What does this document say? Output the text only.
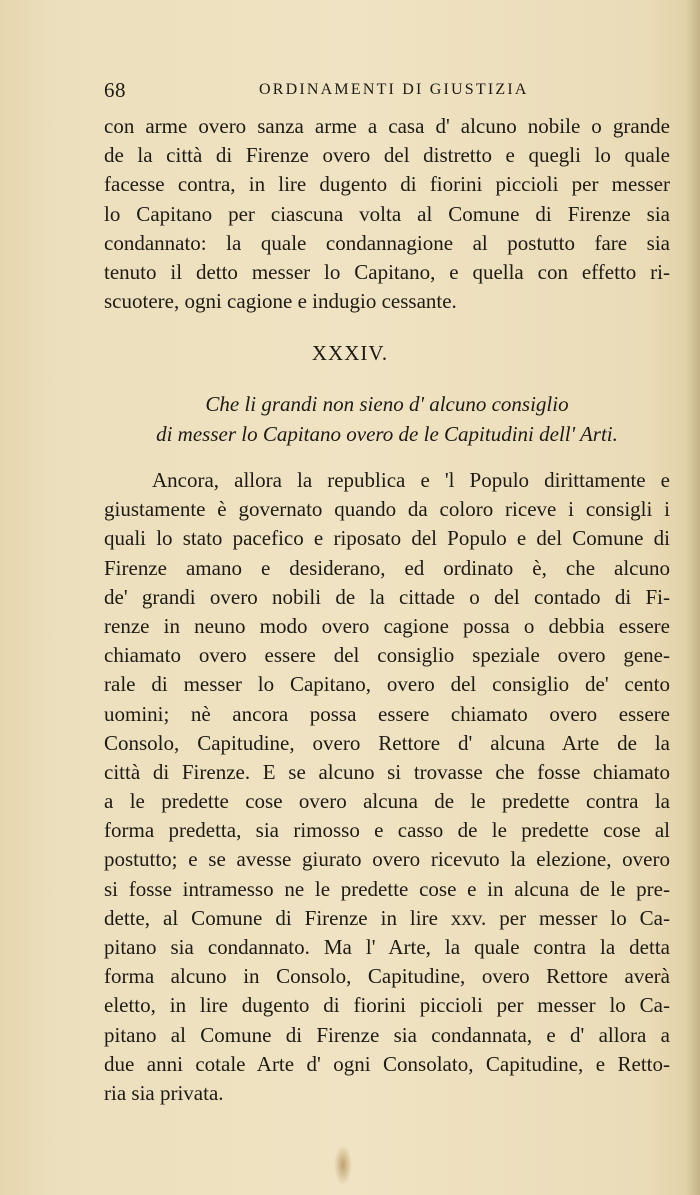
68	ORDINAMENTI DI GIUSTIZIA
con arme overo sanza arme a casa d' alcuno nobile o grande
de la città di Firenze overo del distretto e quegli lo quale
facesse contra, in lire dugento di fiorini piccioli per messer
lo Capitano per ciascuna volta al Comune di Firenze sia
condannato: la quale condannagione al postutto fare sia
tenuto il detto messer lo Capitano, e quella con effetto ri-
scuotere, ogni cagione e indugio cessante.
XXXIV.
Che li grandi non sieno d' alcuno consiglio
di messer lo Capitano overo de le Capitudini dell' Arti.
Ancora, allora la republica e 'l Populo dirittamente e
giustamente è governato quando da coloro riceve i consigli i
quali lo stato pacefico e riposato del Populo e del Comune di
Firenze amano e desiderano, ed ordinato è, che alcuno
de' grandi overo nobili de la cittade o del contado di Fi-
renze in neuno modo overo cagione possa o debbia essere
chiamato overo essere del consiglio speziale overo gene-
rale di messer lo Capitano, overo del consiglio de' cento
uomini; nè ancora possa essere chiamato overo essere
Consolo, Capitudine, overo Rettore d' alcuna Arte de la
città di Firenze. E se alcuno si trovasse che fosse chiamato
a le predette cose overo alcuna de le predette contra la
forma predetta, sia rimosso e casso de le predette cose al
postutto; e se avesse giurato overo ricevuto la elezione, overo
si fosse intramesso ne le predette cose e in alcuna de le pre-
dette, al Comune di Firenze in lire xxv. per messer lo Ca-
pitano sia condannato. Ma l' Arte, la quale contra la detta
forma alcuno in Consolo, Capitudine, overo Rettore averà
eletto, in lire dugento di fiorini piccioli per messer lo Ca-
pitano al Comune di Firenze sia condannata, e d' allora a
due anni cotale Arte d' ogni Consolato, Capitudine, e Retto-
ria sia privata.
